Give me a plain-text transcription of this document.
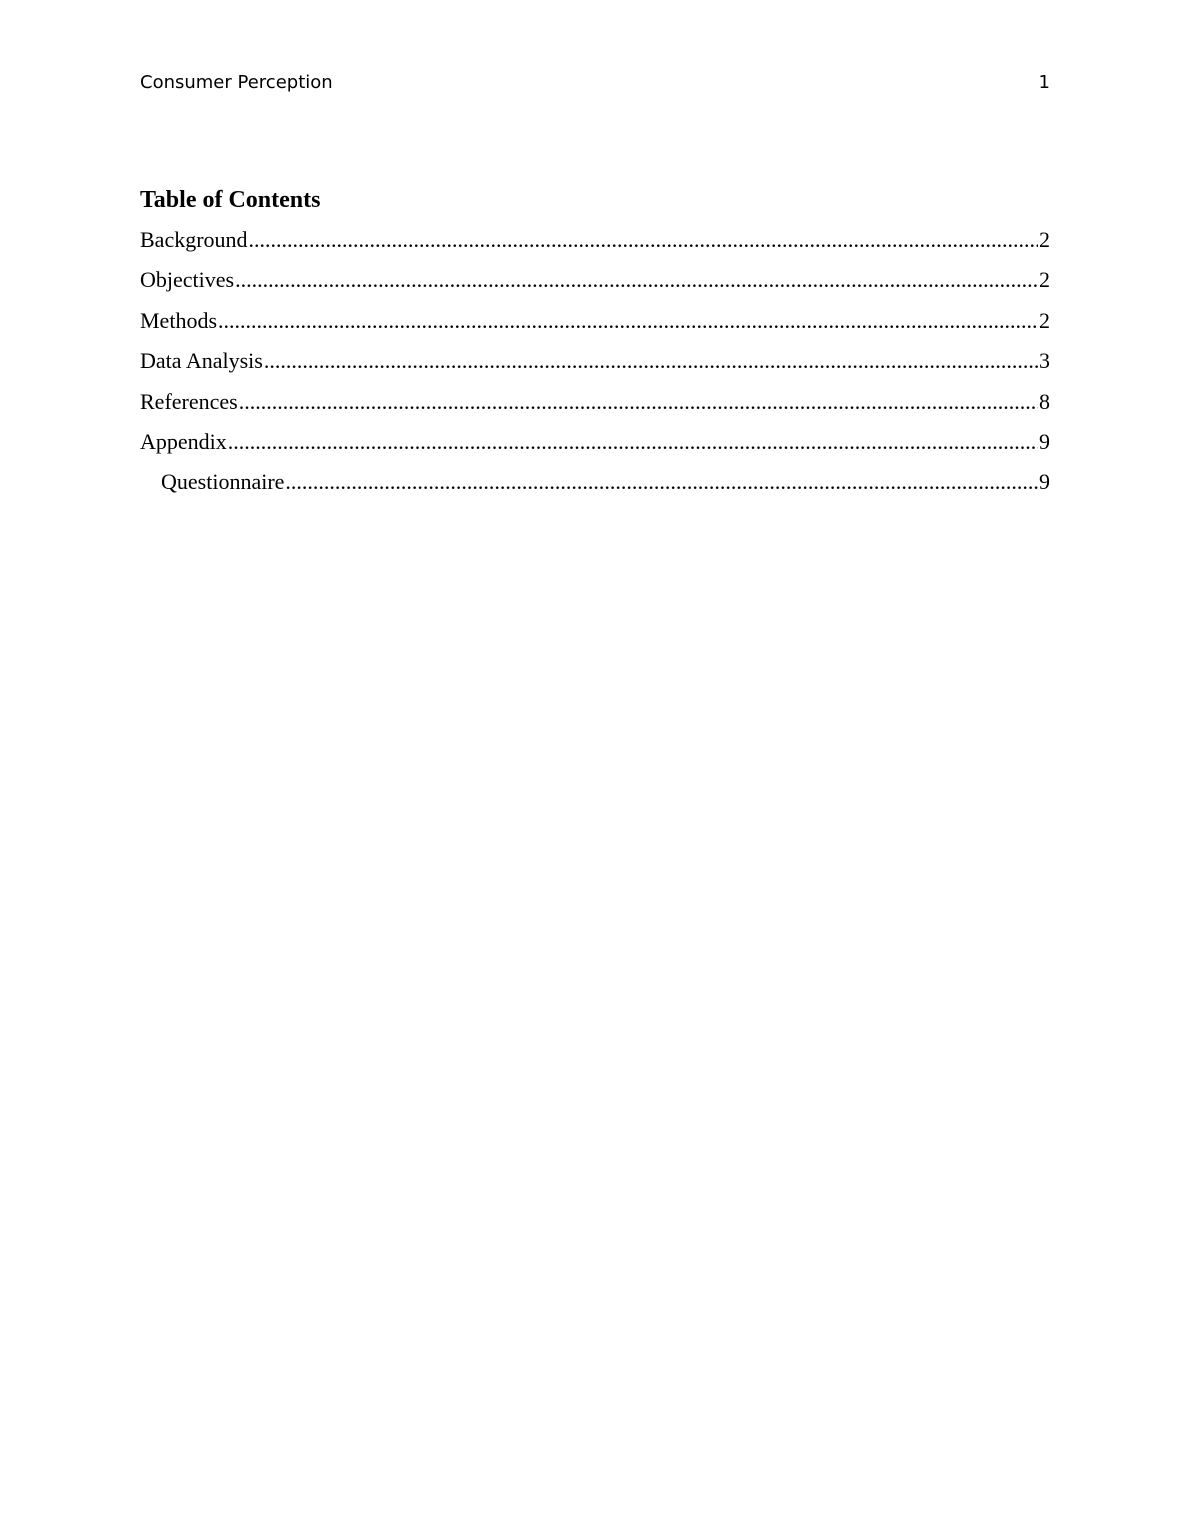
Consumer Perception	1
Table of Contents
Background .....	2
Objectives .....	2
Methods .....	2
Data Analysis .....	3
References .....	8
Appendix .....	9
Questionnaire .....	9
